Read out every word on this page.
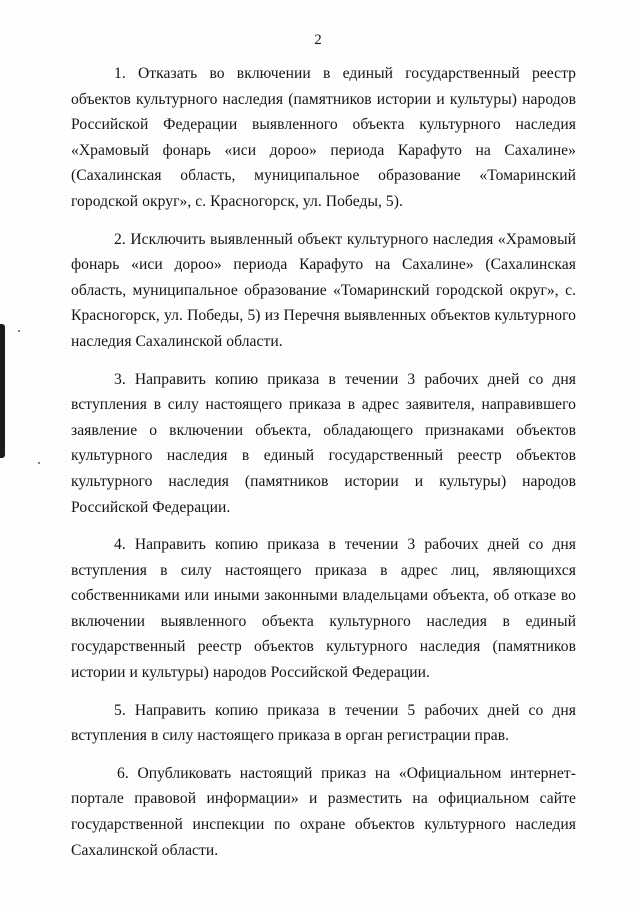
2

1. Отказать во включении в единый государственный реестр объектов культурного наследия (памятников истории и культуры) народов Российской Федерации выявленного объекта культурного наследия «Храмовый фонарь «иси дороо» периода Карафуто на Сахалине» (Сахалинская область, муниципальное образование «Томаринский городской округ», с. Красногорск, ул. Победы, 5).

2. Исключить выявленный объект культурного наследия «Храмовый фонарь «иси дороо» периода Карафуто на Сахалине» (Сахалинская область, муниципальное образование «Томаринский городской округ», с. Красногорск, ул. Победы, 5) из Перечня выявленных объектов культурного наследия Сахалинской области.

3. Направить копию приказа в течении 3 рабочих дней со дня вступления в силу настоящего приказа в адрес заявителя, направившего заявление о включении объекта, обладающего признаками объектов культурного наследия в единый государственный реестр объектов культурного наследия (памятников истории и культуры) народов Российской Федерации.

4. Направить копию приказа в течении 3 рабочих дней со дня вступления в силу настоящего приказа в адрес лиц, являющихся собственниками или иными законными владельцами объекта, об отказе во включении выявленного объекта культурного наследия в единый государственный реестр объектов культурного наследия (памятников истории и культуры) народов Российской Федерации.

5. Направить копию приказа в течении 5 рабочих дней со дня вступления в силу настоящего приказа в орган регистрации прав.

6. Опубликовать настоящий приказ на «Официальном интернет-портале правовой информации» и разместить на официальном сайте государственной инспекции по охране объектов культурного наследия Сахалинской области.
